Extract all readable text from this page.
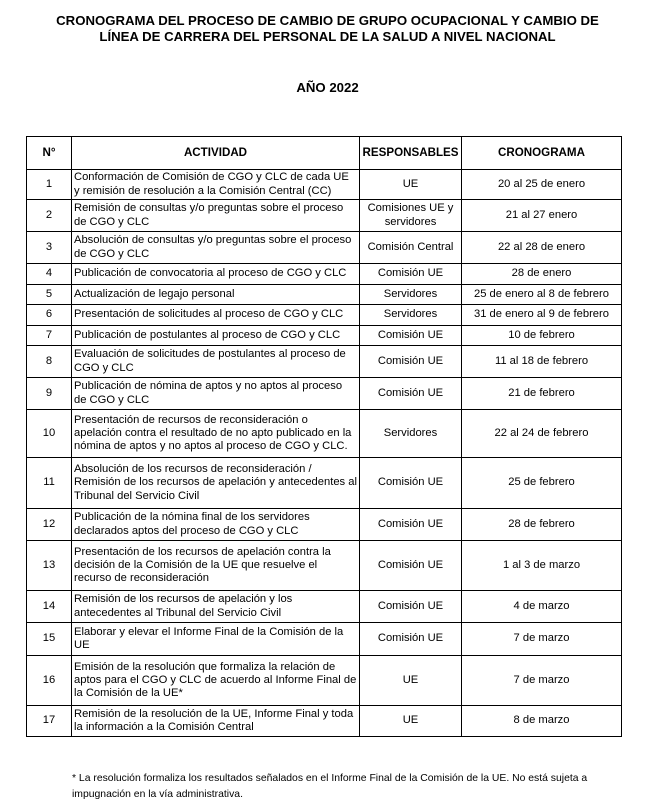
CRONOGRAMA DEL PROCESO DE CAMBIO DE GRUPO OCUPACIONAL Y CAMBIO DE LÍNEA DE CARRERA DEL PERSONAL DE LA SALUD A NIVEL NACIONAL
AÑO 2022
N°	ACTIVIDAD	RESPONSABLES	CRONOGRAMA
1	Conformación de Comisión de CGO y CLC de cada UE y remisión de resolución a la Comisión Central (CC)	UE	20 al 25 de enero
2	Remisión de consultas y/o preguntas sobre el proceso de CGO y CLC	Comisiones UE y servidores	21 al 27 enero
3	Absolución de consultas y/o preguntas sobre el proceso de CGO y CLC	Comisión Central	22 al 28 de enero
4	Publicación de convocatoria al proceso de CGO y CLC	Comisión UE	28 de enero
5	Actualización de legajo personal	Servidores	25 de enero al 8 de febrero
6	Presentación de solicitudes al proceso de CGO y CLC	Servidores	31 de enero al 9 de febrero
7	Publicación de postulantes al proceso de CGO y CLC	Comisión UE	10 de febrero
8	Evaluación de solicitudes de postulantes al proceso de CGO y CLC	Comisión UE	11 al 18 de febrero
9	Publicación de nómina de aptos y no aptos al proceso de CGO y CLC	Comisión UE	21 de febrero
10	Presentación de recursos de reconsideración o apelación contra el resultado de no apto publicado en la nómina de aptos y no aptos al proceso de CGO y CLC.	Servidores	22 al 24 de febrero
11	Absolución de los recursos de reconsideración / Remisión de los recursos de apelación y antecedentes al Tribunal del Servicio Civil	Comisión UE	25 de febrero
12	Publicación de la nómina final de los servidores declarados aptos del proceso de CGO y CLC	Comisión UE	28 de febrero
13	Presentación de los recursos de apelación contra la decisión de la Comisión de la UE que resuelve el recurso de reconsideración	Comisión UE	1 al 3 de marzo
14	Remisión de los recursos de apelación y los antecedentes al Tribunal del Servicio Civil	Comisión UE	4 de marzo
15	Elaborar y elevar el Informe Final de la Comisión de la UE	Comisión UE	7 de marzo
16	Emisión de la resolución que formaliza la relación de aptos para el CGO y CLC de acuerdo al Informe Final de la Comisión de la UE*	UE	7 de marzo
17	Remisión de la resolución de la UE, Informe Final y toda la información a la Comisión Central	UE	8 de marzo
* La resolución formaliza los resultados señalados en el Informe Final de la Comisión de la UE. No está sujeta a impugnación en la vía administrativa.
